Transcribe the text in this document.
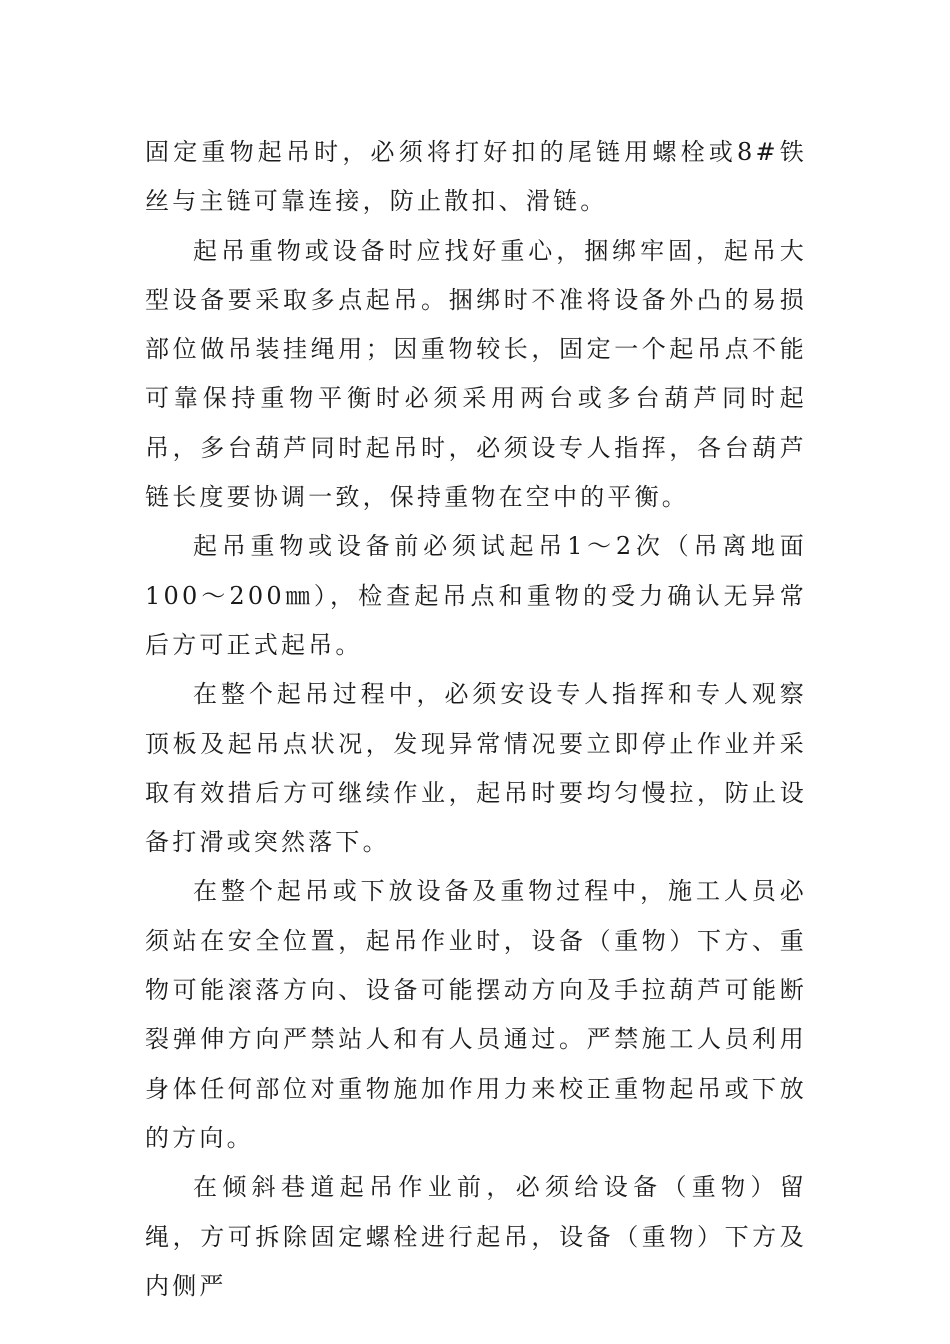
固定重物起吊时，必须将打好扣的尾链用螺栓或8#铁丝与主链可靠连接，防止散扣、滑链。

起吊重物或设备时应找好重心，捆绑牢固，起吊大型设备要采取多点起吊。捆绑时不准将设备外凸的易损部位做吊装挂绳用；因重物较长，固定一个起吊点不能可靠保持重物平衡时必须采用两台或多台葫芦同时起吊，多台葫芦同时起吊时，必须设专人指挥，各台葫芦链长度要协调一致，保持重物在空中的平衡。

起吊重物或设备前必须试起吊1～2次（吊离地面100～200㎜），检查起吊点和重物的受力确认无异常后方可正式起吊。

在整个起吊过程中，必须安设专人指挥和专人观察顶板及起吊点状况，发现异常情况要立即停止作业并采取有效措后方可继续作业，起吊时要均匀慢拉，防止设备打滑或突然落下。

在整个起吊或下放设备及重物过程中，施工人员必须站在安全位置，起吊作业时，设备（重物）下方、重物可能滚落方向、设备可能摆动方向及手拉葫芦可能断裂弹伸方向严禁站人和有人员通过。严禁施工人员利用身体任何部位对重物施加作用力来校正重物起吊或下放的方向。

在倾斜巷道起吊作业前，必须给设备（重物）留绳，方可拆除固定螺栓进行起吊，设备（重物）下方及内侧严
